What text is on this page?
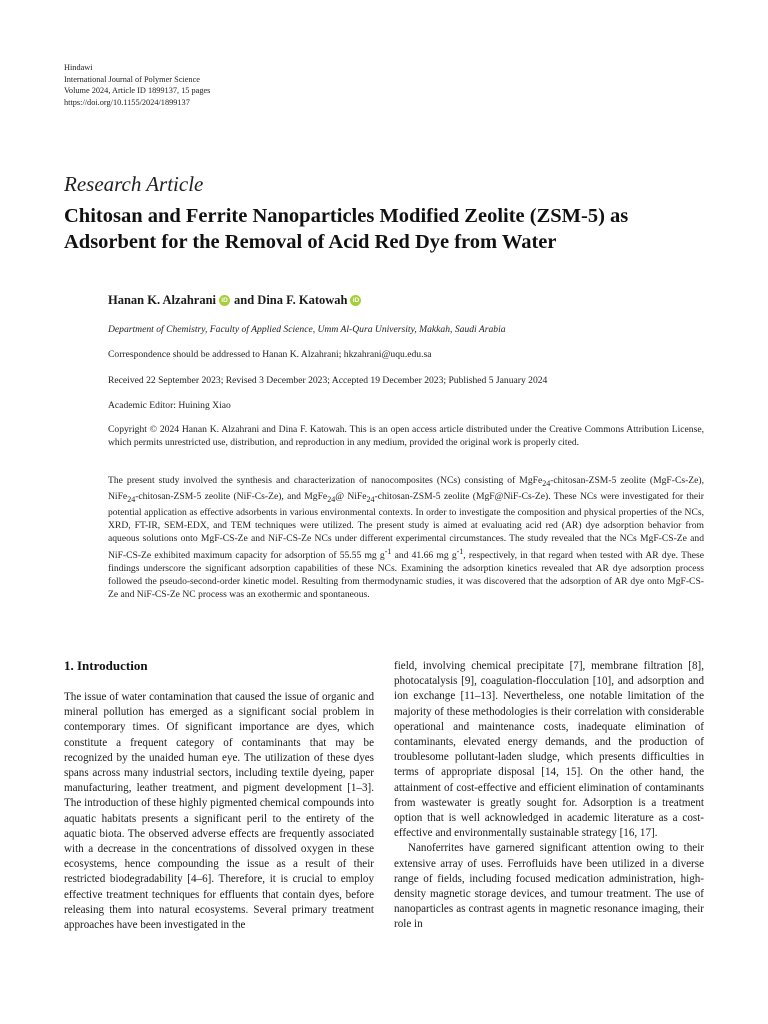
Hindawi
International Journal of Polymer Science
Volume 2024, Article ID 1899137, 15 pages
https://doi.org/10.1155/2024/1899137
Research Article
Chitosan and Ferrite Nanoparticles Modified Zeolite (ZSM-5) as Adsorbent for the Removal of Acid Red Dye from Water
Hanan K. Alzahrani iD and Dina F. Katowah iD
Department of Chemistry, Faculty of Applied Science, Umm Al-Qura University, Makkah, Saudi Arabia
Correspondence should be addressed to Hanan K. Alzahrani; hkzahrani@uqu.edu.sa
Received 22 September 2023; Revised 3 December 2023; Accepted 19 December 2023; Published 5 January 2024
Academic Editor: Huining Xiao
Copyright © 2024 Hanan K. Alzahrani and Dina F. Katowah. This is an open access article distributed under the Creative Commons Attribution License, which permits unrestricted use, distribution, and reproduction in any medium, provided the original work is properly cited.
The present study involved the synthesis and characterization of nanocomposites (NCs) consisting of MgFe$_{24}$-chitosan-ZSM-5 zeolite (MgF-Cs-Ze), NiFe$_{24}$-chitosan-ZSM-5 zeolite (NiF-Cs-Ze), and MgFe$_{24}$@ NiFe$_{24}$-chitosan-ZSM-5 zeolite (MgF@NiF-Cs-Ze). These NCs were investigated for their potential application as effective adsorbents in various environmental contexts. In order to investigate the composition and physical properties of the NCs, XRD, FT-IR, SEM-EDX, and TEM techniques were utilized. The present study is aimed at evaluating acid red (AR) dye adsorption behavior from aqueous solutions onto MgF-CS-Ze and NiF-CS-Ze NCs under different experimental circumstances. The study revealed that the NCs MgF-CS-Ze and NiF-CS-Ze exhibited maximum capacity for adsorption of 55.55 mg $g^{-1}$ and 41.66 mg $g^{-1}$, respectively, in that regard when tested with AR dye. These findings underscore the significant adsorption capabilities of these NCs. Examining the adsorption kinetics revealed that AR dye adsorption process followed the pseudo-second-order kinetic model. Resulting from thermodynamic studies, it was discovered that the adsorption of AR dye onto MgF-CS-Ze and NiF-CS-Ze NC process was an exothermic and spontaneous.
1. Introduction

The issue of water contamination that caused the issue of organic and mineral pollution has emerged as a significant social problem in contemporary times. Of significant importance are dyes, which constitute a frequent category of contaminants that may be recognized by the unaided human eye. The utilization of these dyes spans across many industrial sectors, including textile dyeing, paper manufacturing, leather treatment, and pigment development [1–3]. The introduction of these highly pigmented chemical compounds into aquatic habitats presents a significant peril to the entirety of the aquatic biota. The observed adverse effects are frequently associated with a decrease in the concentrations of dissolved oxygen in these ecosystems, hence compounding the issue as a result of their restricted biodegradability [4–6]. Therefore, it is crucial to employ effective treatment techniques for effluents that contain dyes, before releasing them into natural ecosystems. Several primary treatment approaches have been investigated in the

field, involving chemical precipitate [7], membrane filtration [8], photocatalysis [9], coagulation-flocculation [10], and adsorption and ion exchange [11–13]. Nevertheless, one notable limitation of the majority of these methodologies is their correlation with considerable operational and maintenance costs, inadequate elimination of contaminants, elevated energy demands, and the production of troublesome pollutant-laden sludge, which presents difficulties in terms of appropriate disposal [14, 15]. On the other hand, the attainment of cost-effective and efficient elimination of contaminants from wastewater is greatly sought for. Adsorption is a treatment option that is well acknowledged in academic literature as a cost-effective and environmentally sustainable strategy [16, 17].

Nanoferrites have garnered significant attention owing to their extensive array of uses. Ferrofluids have been utilized in a diverse range of fields, including focused medication administration, high-density magnetic storage devices, and tumour treatment. The use of nanoparticles as contrast agents in magnetic resonance imaging, their role in
